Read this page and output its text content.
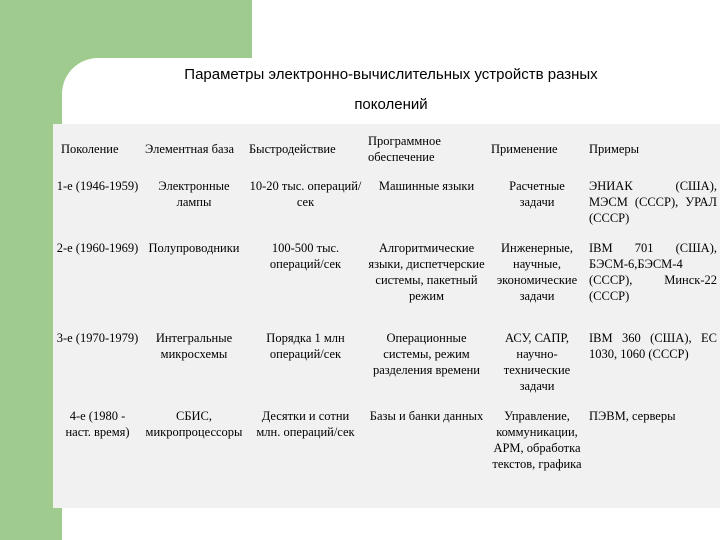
Параметры электронно-вычислительных устройств разных
поколений
Поколение	Элементная база	Быстродействие	Программное обеспечение	Применение	Примеры
1-е (1946-1959)	Электронные лампы	10-20 тыс. операций/сек	Машинные языки	Расчетные задачи	ЭНИАК (США), МЭСМ (СССР), УРАЛ (СССР)
2-е (1960-1969)	Полупроводники	100-500 тыс. операций/сек	Алгоритмические языки, диспетчерские системы, пакетный режим	Инженерные, научные, экономические задачи	IBM 701 (США), БЭСМ-6,БЭСМ-4 (СССР), Минск-22 (СССР)
3-е (1970-1979)	Интегральные микросхемы	Порядка 1 млн операций/сек	Операционные системы, режим разделения времени	АСУ, САПР, научно-технические задачи	IBM 360 (США), ЕС 1030, 1060 (СССР)
4-е (1980 - наст. время)	СБИС, микропроцессоры	Десятки и сотни млн. операций/сек	Базы и банки данных	Управление, коммуникации, АРМ, обработка текстов, графика	ПЭВМ, серверы
